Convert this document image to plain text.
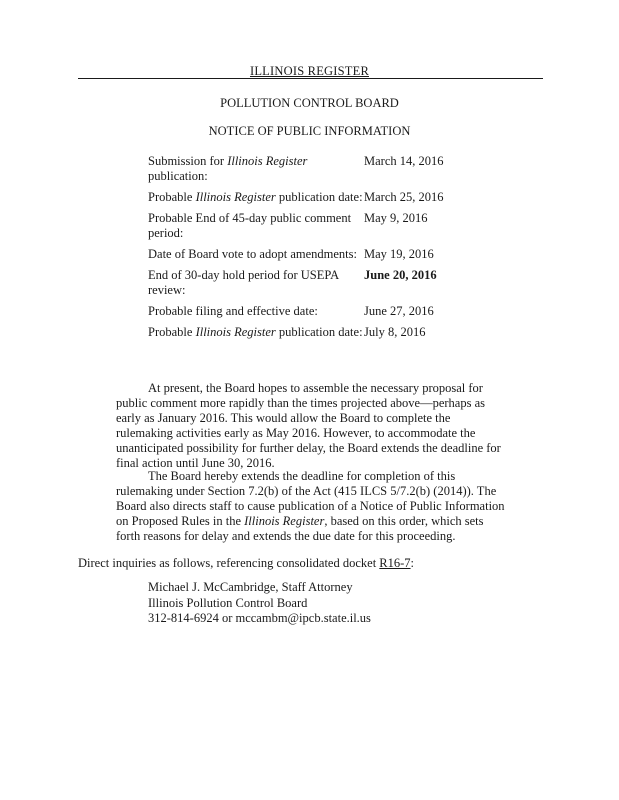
ILLINOIS REGISTER
POLLUTION CONTROL BOARD
NOTICE OF PUBLIC INFORMATION
Submission for Illinois Register publication:
March 14, 2016
Probable Illinois Register publication date: March 25, 2016
Probable End of 45-day public comment period:
May 9, 2016
Date of Board vote to adopt amendments: May 19, 2016
End of 30-day hold period for USEPA review:
June 20, 2016
Probable filing and effective date:	June 27, 2016
Probable Illinois Register publication date: July 8, 2016

At present, the Board hopes to assemble the necessary proposal for public comment more rapidly than the times projected above—perhaps as early as January 2016. This would allow the Board to complete the rulemaking activities early as May 2016. However, to accommodate the unanticipated possibility for further delay, the Board extends the deadline for final action until June 30, 2016.

The Board hereby extends the deadline for completion of this rulemaking under Section 7.2(b) of the Act (415 ILCS 5/7.2(b) (2014)). The Board also directs staff to cause publication of a Notice of Public Information on Proposed Rules in the Illinois Register, based on this order, which sets forth reasons for delay and extends the due date for this proceeding.

Direct inquiries as follows, referencing consolidated docket R16-7:
Michael J. McCambridge, Staff Attorney
Illinois Pollution Control Board
312-814-6924 or mccambm@ipcb.state.il.us
